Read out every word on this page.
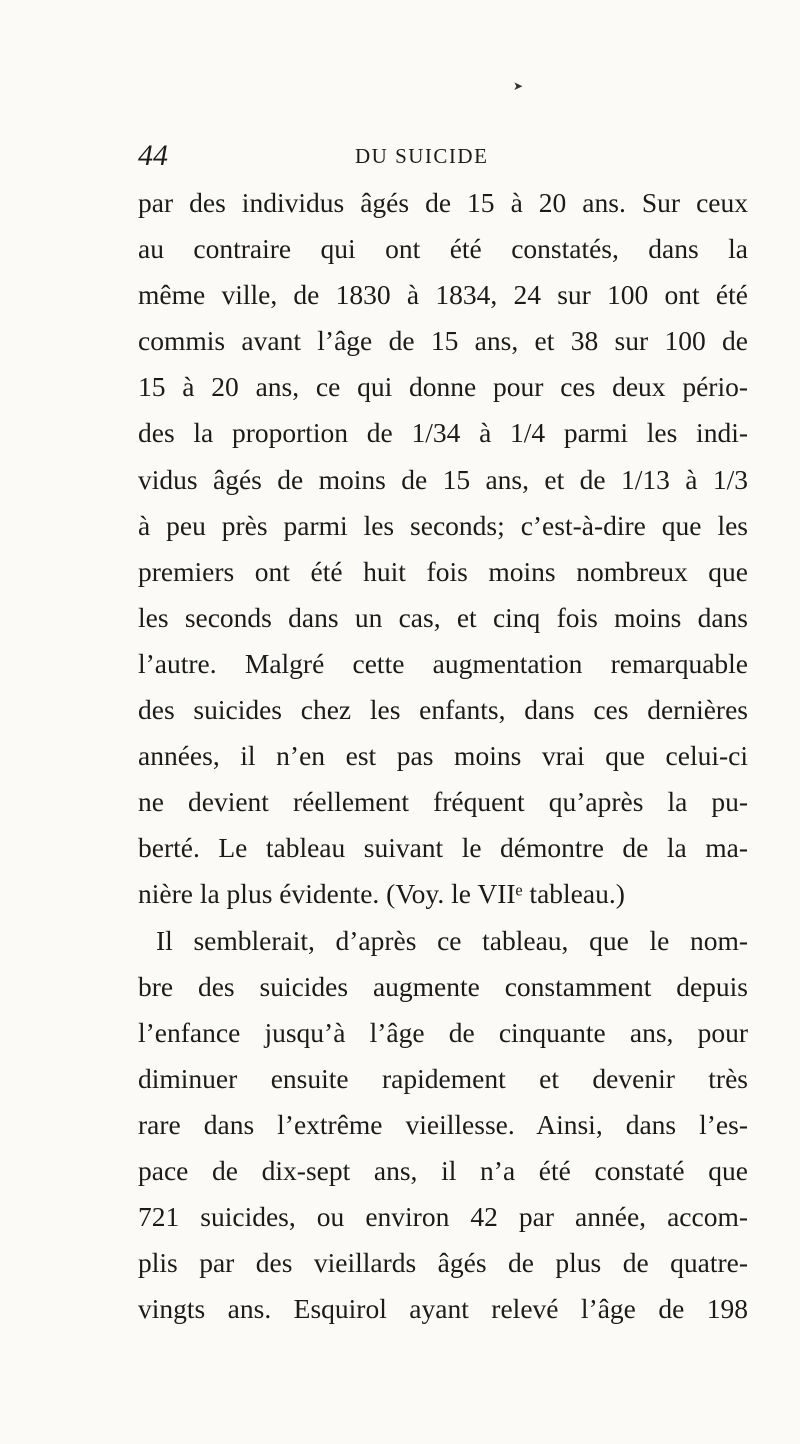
➤
44	DU SUICIDE
par des individus âgés de 15 à 20 ans. Sur ceux
au contraire qui ont été constatés, dans la
même ville, de 1830 à 1834, 24 sur 100 ont été
commis avant l’âge de 15 ans, et 38 sur 100 de
15 à 20 ans, ce qui donne pour ces deux pério-
des la proportion de 1/34 à 1/4 parmi les indi-
vidus âgés de moins de 15 ans, et de 1/13 à 1/3
à peu près parmi les seconds; c’est-à-dire que les
premiers ont été huit fois moins nombreux que
les seconds dans un cas, et cinq fois moins dans
l’autre. Malgré cette augmentation remarquable
des suicides chez les enfants, dans ces dernières
années, il n’en est pas moins vrai que celui-ci
ne devient réellement fréquent qu’après la pu-
berté. Le tableau suivant le démontre de la ma-
nière la plus évidente. (Voy. le VIIᵉ tableau.)
Il semblerait, d’après ce tableau, que le nom-
bre des suicides augmente constamment depuis
l’enfance jusqu’à l’âge de cinquante ans, pour
diminuer ensuite rapidement et devenir très
rare dans l’extrême vieillesse. Ainsi, dans l’es-
pace de dix-sept ans, il n’a été constaté que
721 suicides, ou environ 42 par année, accom-
plis par des vieillards âgés de plus de quatre-
vingts ans. Esquirol ayant relevé l’âge de 198
